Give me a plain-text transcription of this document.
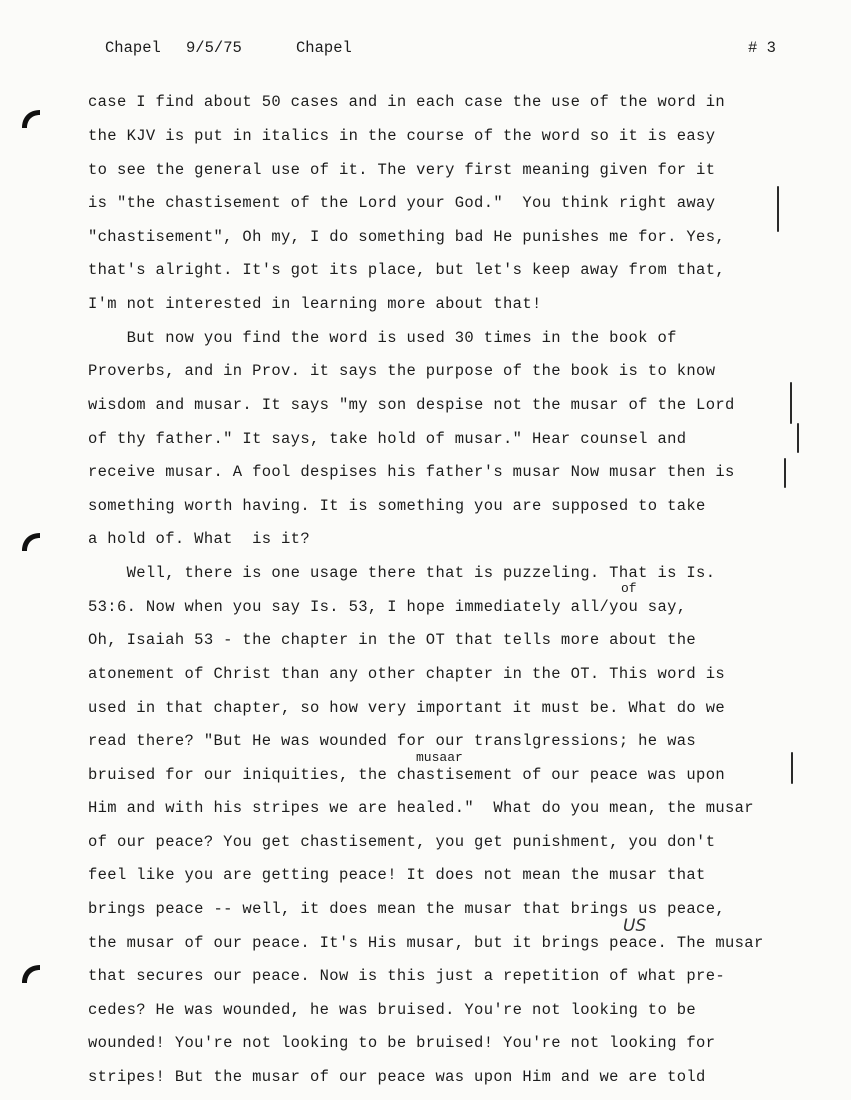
Chapel 9/5/75	Chapel	# 3
case I find about 50 cases and in each case the use of the word in
the KJV is put in italics in the course of the word so it is easy
to see the general use of it. The very first meaning given for it
is "the chastisement of the Lord your God."  You think right away
"chastisement", Oh my, I do something bad He punishes me for. Yes,
that's alright. It's got its place, but let's keep away from that,
I'm not interested in learning more about that!
But now you find the word is used 30 times in the book of
Proverbs, and in Prov. it says the purpose of the book is to know
wisdom and musar. It says "my son despise not the musar of the Lord
of thy father." It says, take hold of musar." Hear counsel and
receive musar. A fool despises his father's musar Now musar then is
something worth having. It is something you are supposed to take
a hold of. What  is it?
Well, there is one usage there that is puzzeling. That is Is.
of
53:6. Now when you say Is. 53, I hope immediately all/you say,
Oh, Isaiah 53 - the chapter in the OT that tells more about the
atonement of Christ than any other chapter in the OT. This word is
used in that chapter, so how very important it must be. What do we
read there? "But He was wounded for our translgressions; he was
musaar
bruised for our iniquities, the chastisement of our peace was upon
Him and with his stripes we are healed."  What do you mean, the musar
of our peace? You get chastisement, you get punishment, you don't
feel like you are getting peace! It does not mean the musar that
brings peace -- well, it does mean the musar that brings us peace,
US
the musar of our peace. It's His musar, but it brings peace. The musar
that secures our peace. Now is this just a repetition of what pre-
cedes? He was wounded, he was bruised. You're not looking to be
wounded! You're not looking to be bruised! You're not looking for
stripes! But the musar of our peace was upon Him and we are told
